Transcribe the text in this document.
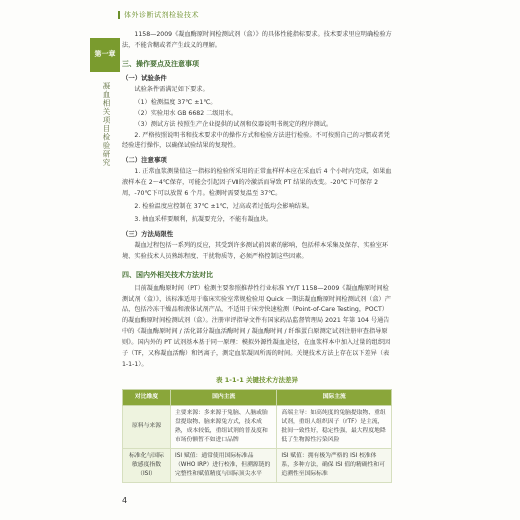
体外诊断试剂检验技术
第一章
凝血相关项目检验研究

1158—2009《凝血酶原时间检测试剂（盒）》的具体性能指标要求。技术要求里应明确检验方法，不能含糊或者产生歧义的理解。

三、操作要点及注意事项
（一）试验条件

试验条件需满足如下要求。

（1）检测温度 37℃ ±1℃。

（2）实验用水 GB 6682 二级用水。

（3）测试方法 按照生产企业提供的试剂和仪器说明书规定的程序测试。

2. 严格按照说明书和技术要求中的操作方式和检验方法进行检验。不可按照自己的习惯或者凭经验进行操作，以确保试验结果的复现性。

（二）注意事项

1. 正常血浆测量值这一指标的检验所采用的正常血样样本应在采血后 4 个小时内完成，如果血液样本在 2～4℃保存，可能会引起因子Ⅶ的冷激活而导致 PT 结果的改变。-20℃下可保存 2 周，-70℃下可以放置 6 个月。检测时需要复温至 37℃。

2. 检验温度应控制在 37℃ ±1℃，过高或者过低均会影响结果。

3. 抽血采样要顺利，抗凝要充分，不能有凝血块。

（三）方法局限性

凝血过程包括一系列的反应，其受到许多测试前因素的影响，包括样本采集及保存、实验室环境、实验技术人员熟练程度、干扰物质等，必须严格控制这些因素。

四、国内外相关技术方法对比

目前凝血酶原时间（PT）检测主要参照推荐性行业标准 YY/T 1158—2009《凝血酶原时间检测试剂（盒）》，该标准适用于临床实验室常规检验用 Quick 一期法凝血酶原时间检测试剂（盒）产品，包括冷冻干燥品和液体试剂产品，不适用于床旁快速检测（Point-of-Care Testing，POCT）的凝血酶原时间检测试剂（盒）。注册审评指导文件有国家药品监督管理局 2021 年第 104 号通告中的《凝血酶原时间 / 活化部分凝血活酶时间 / 凝血酶时间 / 纤维蛋白原测定试剂注册审查指导原则》。国内外的 PT 试剂基本基于同一原理：模拟外源性凝血途径，在血浆样本中加入过量的组织因子（TF，又称凝血活酶）和钙离子，测定血浆凝固所需的时间。关键技术方法上存在以下差异（表 1-1-1）。

表 1-1-1 关键技术方法差异
对比维度	国内主流	国际主流
原料与来源	主要来源：多来源于兔脑、人脑或胎盘提取物、脑来源兔方式，技术成熟，成本较低，重组试剂的普及度和市场份额暂不如进口品牌	高端主导：如高纯度的兔脑提取物、重组试剂，重组人组织因子（rTF）是主流，批间一致性好，稳定性强，最大程度地降低了生物源性污染风险
标准化与国际敏感度指数（ISI）	ISI 赋值：通常使用国际标准品（WHO IRP）进行校准，但溯源链的完整性和赋值精度与国际顶尖水平	ISI 赋值：拥有极为严格的 ISI 校准体系，多种方法，确保 ISI 值的精确性和可追溯性至国际标准
4
